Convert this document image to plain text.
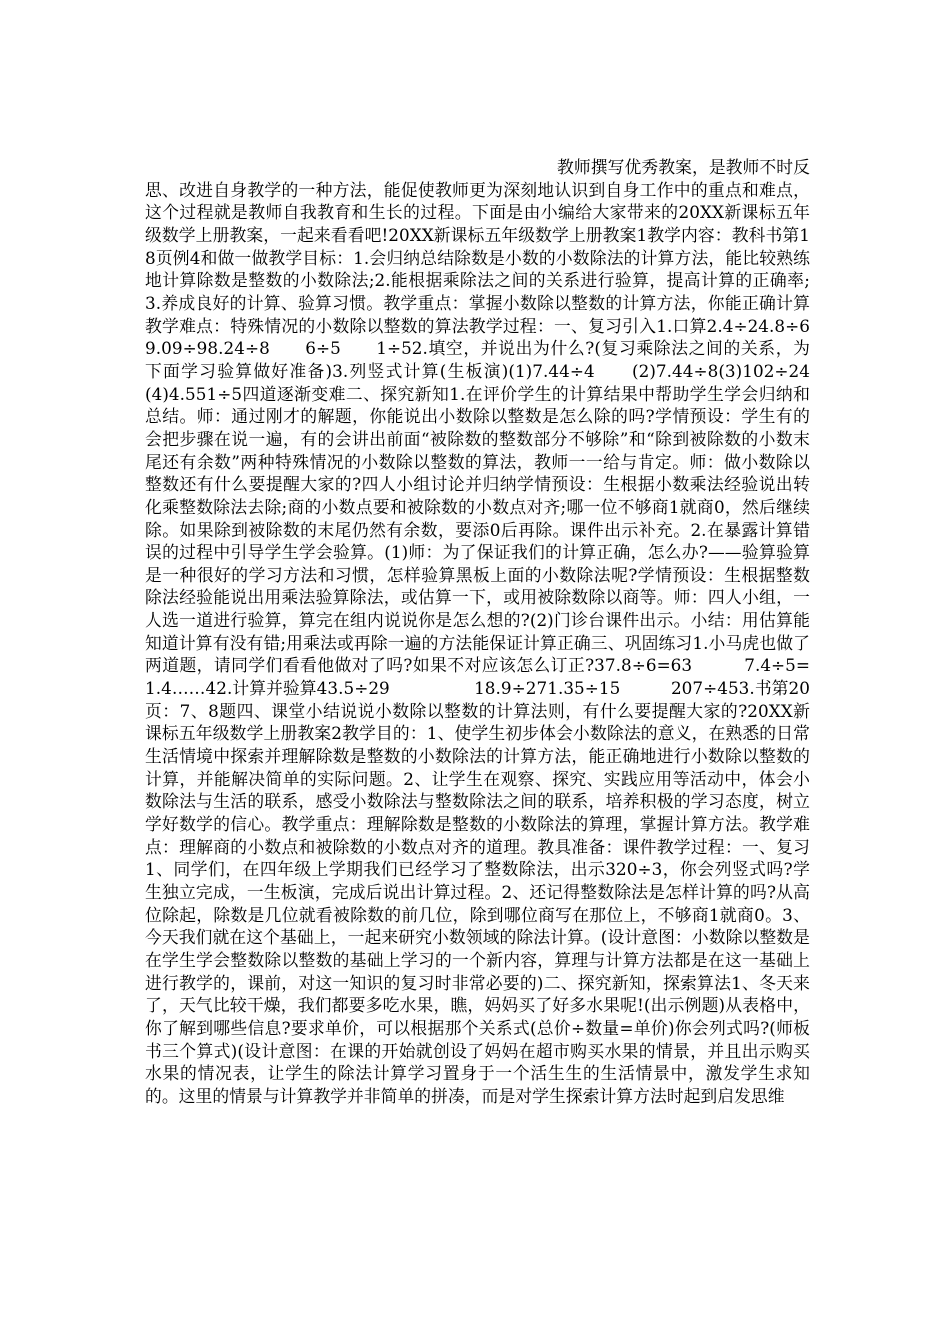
教师撰写优秀教案，是教师不时反思、改进自身教学的一种方法，能促使教师更为深刻地认识到自身工作中的重点和难点，这个过程就是教师自我教育和生长的过程。下面是由小编给大家带来的20XX新课标五年级数学上册教案，一起来看看吧!20XX新课标五年级数学上册教案1教学内容：教科书第18页例4和做一做教学目标：1.会归纳总结除数是小数的小数除法的计算方法，能比较熟练地计算除数是整数的小数除法;2.能根据乘除法之间的关系进行验算，提高计算的正确率;3.养成良好的计算、验算习惯。教学重点：掌握小数除以整数的计算方法，你能正确计算教学难点：特殊情况的小数除以整数的算法教学过程：一、复习引入1.口算2.4÷24.8÷6　　9.09÷98.24÷8　　6÷5　　1÷52.填空，并说出为什么?(复习乘除法之间的关系，为下面学习验算做好准备)3.列竖式计算(生板演)(1)7.44÷4　　(2)7.44÷8(3)102÷24　　(4)4.551÷5四道逐渐变难二、探究新知1.在评价学生的计算结果中帮助学生学会归纳和总结。师：通过刚才的解题，你能说出小数除以整数是怎么除的吗?学情预设：学生有的会把步骤在说一遍，有的会讲出前面“被除数的整数部分不够除”和“除到被除数的小数末尾还有余数”两种特殊情况的小数除以整数的算法，教师一一给与肯定。师：做小数除以整数还有什么要提醒大家的?四人小组讨论并归纳学情预设：生根据小数乘法经验说出转化乘整数除法去除;商的小数点要和被除数的小数点对齐;哪一位不够商1就商0，然后继续除。如果除到被除数的末尾仍然有余数，要添0后再除。课件出示补充。2.在暴露计算错误的过程中引导学生学会验算。(1)师：为了保证我们的计算正确，怎么办?——验算验算是一种很好的学习方法和习惯，怎样验算黑板上面的小数除法呢?学情预设：生根据整数除法经验能说出用乘法验算除法，或估算一下，或用被除数除以商等。师：四人小组，一人选一道进行验算，算完在组内说说你是怎么想的?(2)门诊台课件出示。小结：用估算能知道计算有没有错;用乘法或再除一遍的方法能保证计算正确三、巩固练习1.小马虎也做了两道题，请同学们看看他做对了吗?如果不对应该怎么订正?37.8÷6=63　　　7.4÷5=1.4……42.计算并验算43.5÷29　　　　　18.9÷271.35÷15　　　207÷453.书第20页：7、8题四、课堂小结说说小数除以整数的计算法则，有什么要提醒大家的?20XX新课标五年级数学上册教案2教学目的：1、使学生初步体会小数除法的意义，在熟悉的日常生活情境中探索并理解除数是整数的小数除法的计算方法，能正确地进行小数除以整数的计算，并能解决简单的实际问题。2、让学生在观察、探究、实践应用等活动中，体会小数除法与生活的联系，感受小数除法与整数除法之间的联系，培养积极的学习态度，树立学好数学的信心。教学重点：理解除数是整数的小数除法的算理，掌握计算方法。教学难点：理解商的小数点和被除数的小数点对齐的道理。教具准备：课件教学过程：一、复习1、同学们，在四年级上学期我们已经学习了整数除法，出示320÷3，你会列竖式吗?学生独立完成，一生板演，完成后说出计算过程。2、还记得整数除法是怎样计算的吗?从高位除起，除数是几位就看被除数的前几位，除到哪位商写在那位上，不够商1就商0。3、今天我们就在这个基础上，一起来研究小数领域的除法计算。(设计意图：小数除以整数是在学生学会整数除以整数的基础上学习的一个新内容，算理与计算方法都是在这一基础上进行教学的，课前，对这一知识的复习时非常必要的)二、探究新知，探索算法1、冬天来了，天气比较干燥，我们都要多吃水果，瞧，妈妈买了好多水果呢!(出示例题)从表格中，你了解到哪些信息?要求单价，可以根据那个关系式(总价÷数量=单价)你会列式吗?(师板书三个算式)(设计意图：在课的开始就创设了妈妈在超市购买水果的情景，并且出示购买水果的情况表，让学生的除法计算学习置身于一个活生生的生活情景中，激发学生求知的。这里的情景与计算教学并非简单的拼凑，而是对学生探索计算方法时起到启发思维
